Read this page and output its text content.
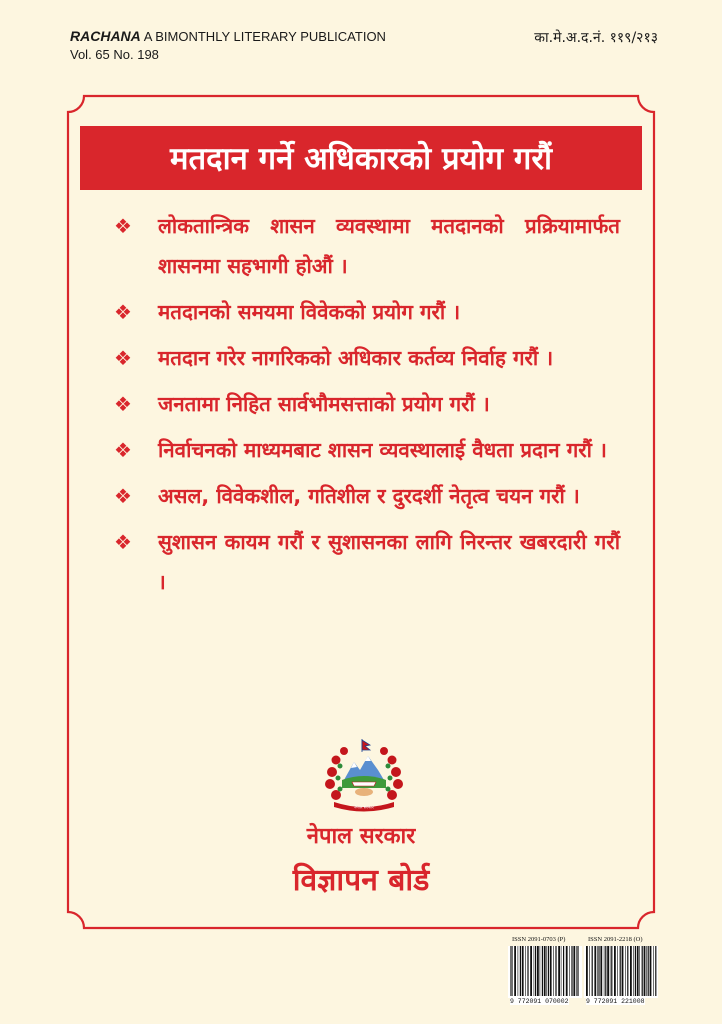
RACHANA A BIMONTHLY LITERARY PUBLICATION
Vol. 65 No. 198
का.मे.अ.द.नं. ११९/२१३
मतदान गर्ने अधिकारको प्रयोग गरौं
❖	लोकतान्त्रिक शासन व्यवस्थामा मतदानको प्रक्रियामार्फत शासनमा सहभागी होऔं ।
❖	मतदानको समयमा विवेकको प्रयोग गरौं ।
❖	मतदान गरेर नागरिकको अधिकार कर्तव्य निर्वाह गरौं ।
❖	जनतामा निहित सार्वभौमसत्ताको प्रयोग गरौं ।
❖	निर्वाचनको माध्यमबाट शासन व्यवस्थालाई वैधता प्रदान गरौं ।
❖	असल, विवेकशील, गतिशील र दुरदर्शी नेतृत्व चयन गरौं ।
❖	सुशासन कायम गरौं र सुशासनका लागि निरन्तर खबरदारी गरौं ।
नेपाल सरकार
नेपाल सरकार
विज्ञापन बोर्ड
ISSN 2091-0703 (P)	ISSN 2091-2218 (O)
9 772091 070002	9 772091 221008
